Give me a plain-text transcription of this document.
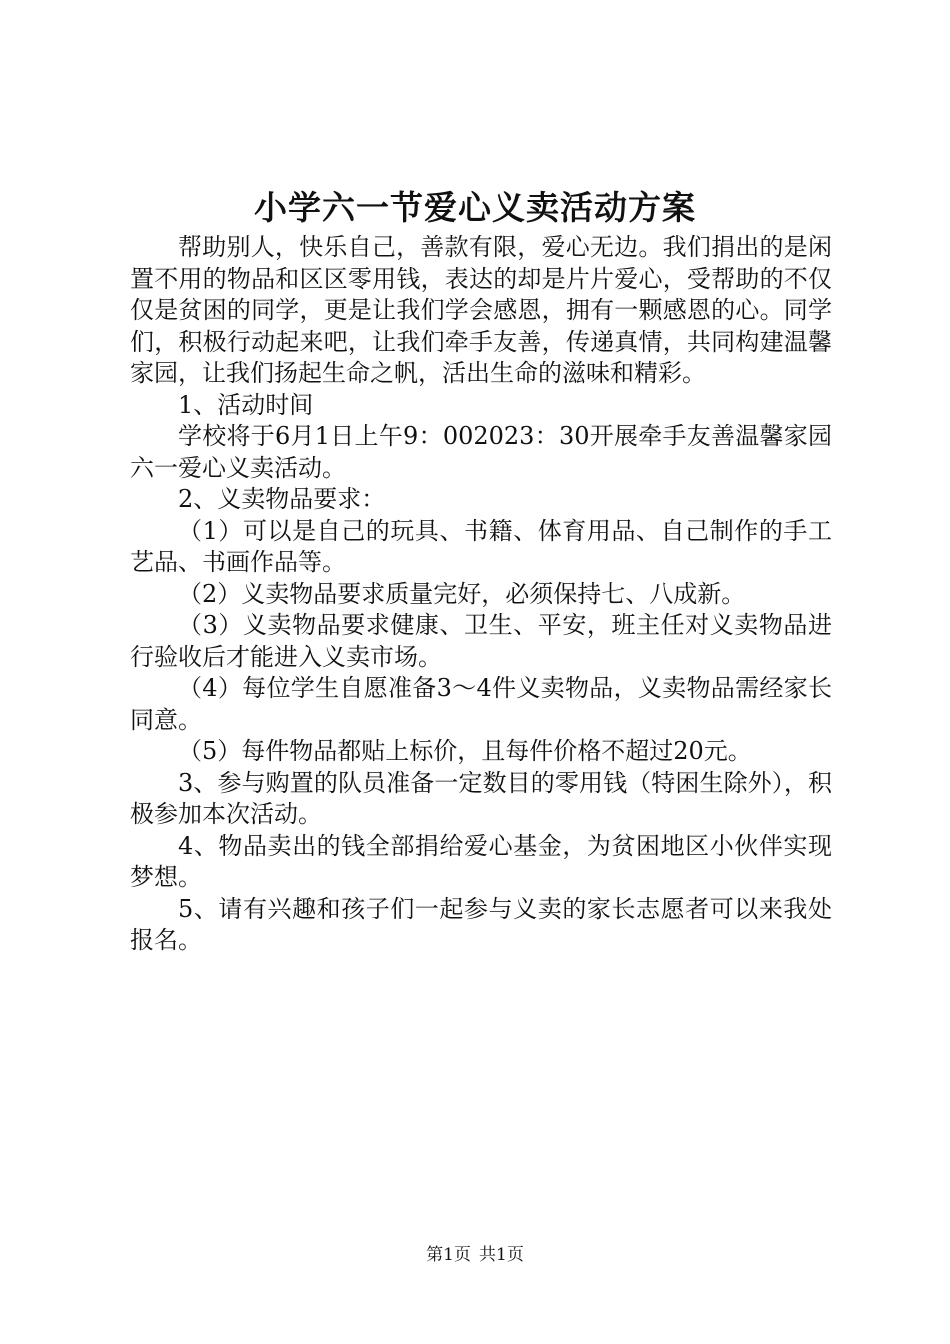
小学六一节爱心义卖活动方案

帮助别人，快乐自己，善款有限，爱心无边。我们捐出的是闲置不用的物品和区区零用钱，表达的却是片片爱心，受帮助的不仅仅是贫困的同学，更是让我们学会感恩，拥有一颗感恩的心。同学们，积极行动起来吧，让我们牵手友善，传递真情，共同构建温馨家园，让我们扬起生命之帆，活出生命的滋味和精彩。

1、活动时间

学校将于6月1日上午9：002023：30开展牵手友善温馨家园六一爱心义卖活动。

2、义卖物品要求：

（1）可以是自己的玩具、书籍、体育用品、自己制作的手工艺品、书画作品等。

（2）义卖物品要求质量完好，必须保持七、八成新。

（3）义卖物品要求健康、卫生、平安，班主任对义卖物品进行验收后才能进入义卖市场。

（4）每位学生自愿准备3～4件义卖物品，义卖物品需经家长同意。

（5）每件物品都贴上标价，且每件价格不超过20元。

3、参与购置的队员准备一定数目的零用钱（特困生除外），积极参加本次活动。

4、物品卖出的钱全部捐给爱心基金，为贫困地区小伙伴实现梦想。

5、请有兴趣和孩子们一起参与义卖的家长志愿者可以来我处报名。

第1页 共1页
